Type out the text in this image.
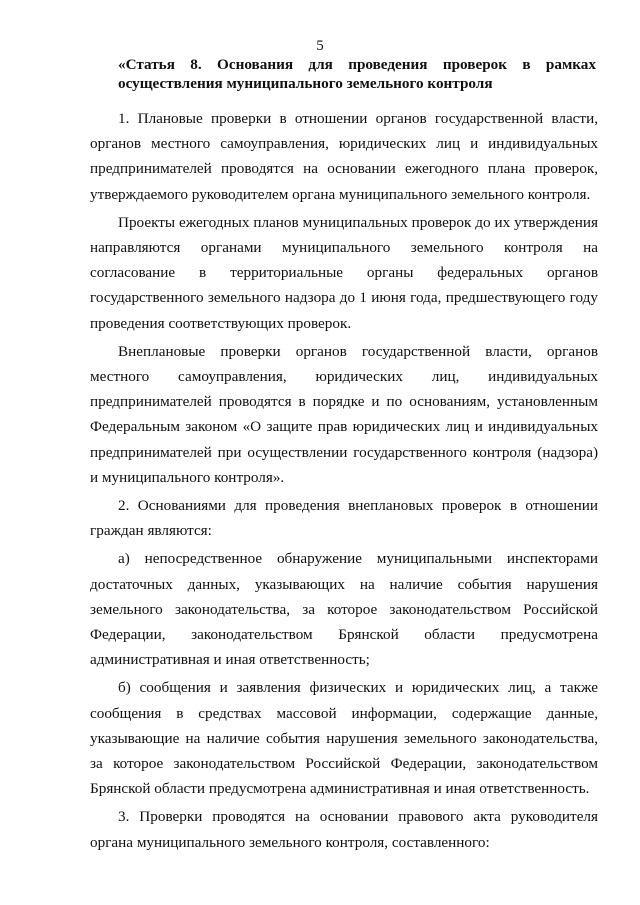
5
«Статья 8. Основания для проведения проверок в рамках осуществления муниципального земельного контроля

1. Плановые проверки в отношении органов государственной власти, органов местного самоуправления, юридических лиц и индивидуальных предпринимателей проводятся на основании ежегодного плана проверок, утверждаемого руководителем органа муниципального земельного контроля.

Проекты ежегодных планов муниципальных проверок до их утверждения направляются органами муниципального земельного контроля на согласование в территориальные органы федеральных органов государственного земельного надзора до 1 июня года, предшествующего году проведения соответствующих проверок.

Внеплановые проверки органов государственной власти, органов местного самоуправления, юридических лиц, индивидуальных предпринимателей проводятся в порядке и по основаниям, установленным Федеральным законом «О защите прав юридических лиц и индивидуальных предпринимателей при осуществлении государственного контроля (надзора) и муниципального контроля».

2. Основаниями для проведения внеплановых проверок в отношении граждан являются:

а) непосредственное обнаружение муниципальными инспекторами достаточных данных, указывающих на наличие события нарушения земельного законодательства, за которое законодательством Российской Федерации, законодательством Брянской области предусмотрена административная и иная ответственность;

б) сообщения и заявления физических и юридических лиц, а также сообщения в средствах массовой информации, содержащие данные, указывающие на наличие события нарушения земельного законодательства, за которое законодательством Российской Федерации, законодательством Брянской области предусмотрена административная и иная ответственность.

3. Проверки проводятся на основании правового акта руководителя органа муниципального земельного контроля, составленного:
